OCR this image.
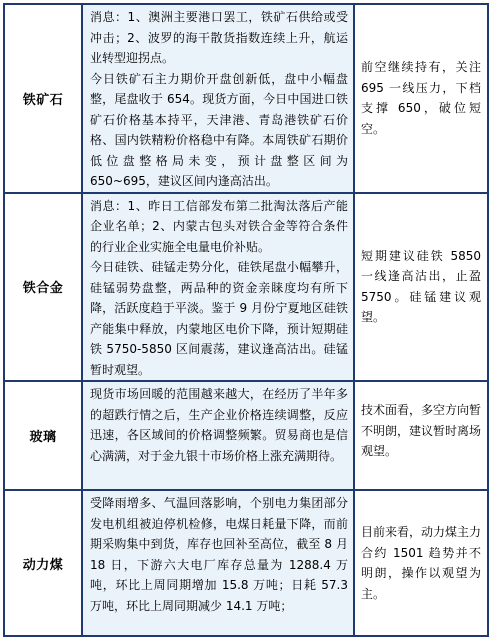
铁矿石	消息：1、澳洲主要港口罢工，铁矿石供给或受冲击；2、波罗的海干散货指数连续上升，航运业转型迎拐点。

今日铁矿石主力期价开盘创新低，盘中小幅盘整，尾盘收于 654。现货方面，今日中国进口铁矿石价格基本持平，天津港、青岛港铁矿石价格、国内铁精粉价格稳中有降。本周铁矿石期价低位盘整格局未变，预计盘整区间为 650~695，建议区间内逢高沽出。	前空继续持有，关注 695 一线压力，下档支撑 650，破位短空。

铁合金	消息：1、昨日工信部发布第二批淘汰落后产能企业名单；2、内蒙古包头对铁合金等符合条件的行业企业实施全电量电价补贴。

今日硅铁、硅锰走势分化，硅铁尾盘小幅攀升，硅锰弱势盘整，两品种的资金亲睐度均有所下降，活跃度趋于平淡。鉴于 9 月份宁夏地区硅铁产能集中释放，内蒙地区电价下降，预计短期硅铁 5750-5850 区间震荡，建议逢高沽出。硅锰暂时观望。	短期建议硅铁 5850 一线逢高沽出，止盈 5750。硅锰建议观望。

玻璃	现货市场回暖的范围越来越大，在经历了半年多的超跌行情之后，生产企业价格连续调整，反应迅速，各区域间的价格调整频繁。贸易商也是信心满满，对于金九银十市场价格上涨充满期待。	技术面看，多空方向暂不明朗，建议暂时离场观望。

动力煤	受降雨增多、气温回落影响，个别电力集团部分发电机组被迫停机检修，电煤日耗量下降，而前期采购集中到货，库存也回补至高位，截至 8 月 18 日，下游六大电厂库存总量为 1288.4 万吨，环比上周同期增加 15.8 万吨；日耗 57.3 万吨，环比上周同期减少 14.1 万吨；	目前来看，动力煤主力合约 1501 趋势并不明朗，操作以观望为主。
